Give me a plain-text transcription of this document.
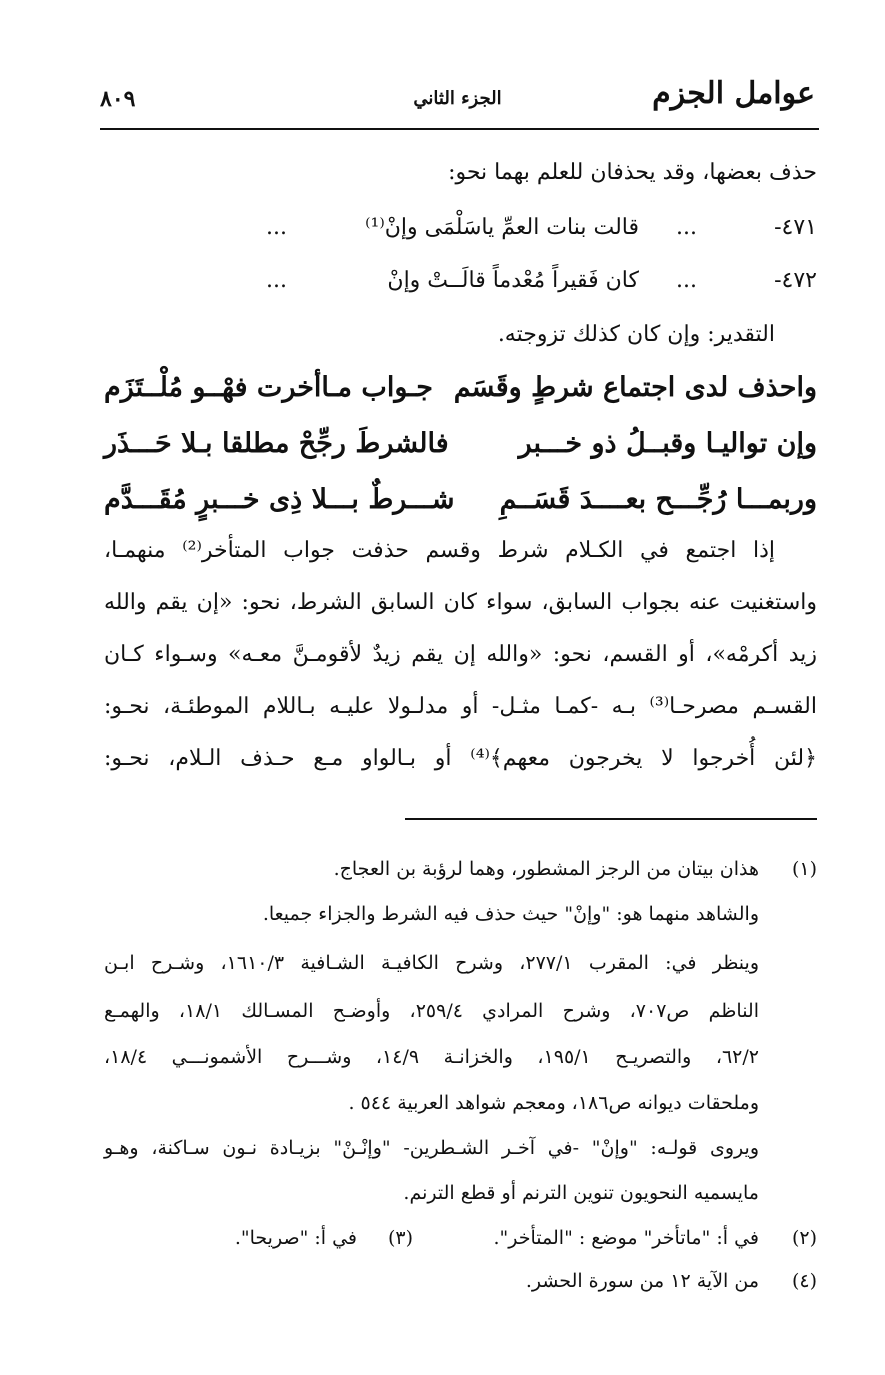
عوامل الجزم
الجزء الثاني
٨٠٩
حذف بعضها، وقد يحذفان للعلم بهما نحو:
٤٧١-
...
قالت بنات العمِّ ياسَلْمَى وإنْ⁽¹⁾
...
٤٧٢-
...
كان فَقيراً مُعْدماً قالَــتْ وإنْ
...
التقدير: وإن كان كذلك تزوجته.
واحذف لدى اجتماع شرطٍ وقَسَم
جـواب مـاأخرت فهْــو مُلْــتَزَم
وإن تواليـا وقبــلُ ذو خـــبر
فالشرطَ رجِّحْ مطلقا بـلا حَـــذَر
وربمـــا رُجِّـــح بعــــدَ قَسَــمِ
شـــرطٌ بـــلا ذِى خـــبرٍ مُقَـــدَّم
إذا اجتمع في الكـلام شرط وقسم حذفت جواب المتأخر⁽²⁾ منهمـا،
واستغنيت عنه بجواب السابق، سواء كان السابق الشرط، نحو: «إن يقم والله
زيد أكرمْه»، أو القسم، نحو: «والله إن يقم زيدٌ لأقومـنَّ معـه» وسـواء كـان
القسـم مصرحـا⁽³⁾ بـه -كمـا مثـل- أو مدلـولا عليـه بـاللام الموطئـة، نحـو:
﴿لئن أُخرجوا لا يخرجون معهم﴾⁽⁴⁾ أو بـالواو مـع حـذف الـلام، نحـو:
(١)
هذان بيتان من الرجز المشطور، وهما لرؤبة بن العجاج.
والشاهد منهما هو: "وإنْ" حيث حذف فيه الشرط والجزاء جميعا.
وينظر في: المقرب ٢٧٧/١، وشرح الكافيـة الشـافية ١٦١٠/٣، وشـرح ابـن
الناظم ص٧٠٧، وشرح المرادي ٢٥٩/٤، وأوضـح المسـالك ١٨/١، والهمـع
٦٢/٢، والتصريـح ١٩٥/١، والخزانـة ١٤/٩، وشـــرح الأشمونـــي ١٨/٤،
وملحقات ديوانه ص١٨٦، ومعجم شواهد العربية ٥٤٤ .
ويروى قولـه: "وإنْ" -في آخـر الشـطرين- "وإنْـنْ" بزيـادة نـون سـاكنة، وهـو
مايسميه النحويون تنوين الترنم أو قطع الترنم.
(٢)
في أ: "ماتأخر" موضع : "المتأخر".
(٣)
في أ: "صريحا".
(٤)
من الآية ١٢ من سورة الحشر.
